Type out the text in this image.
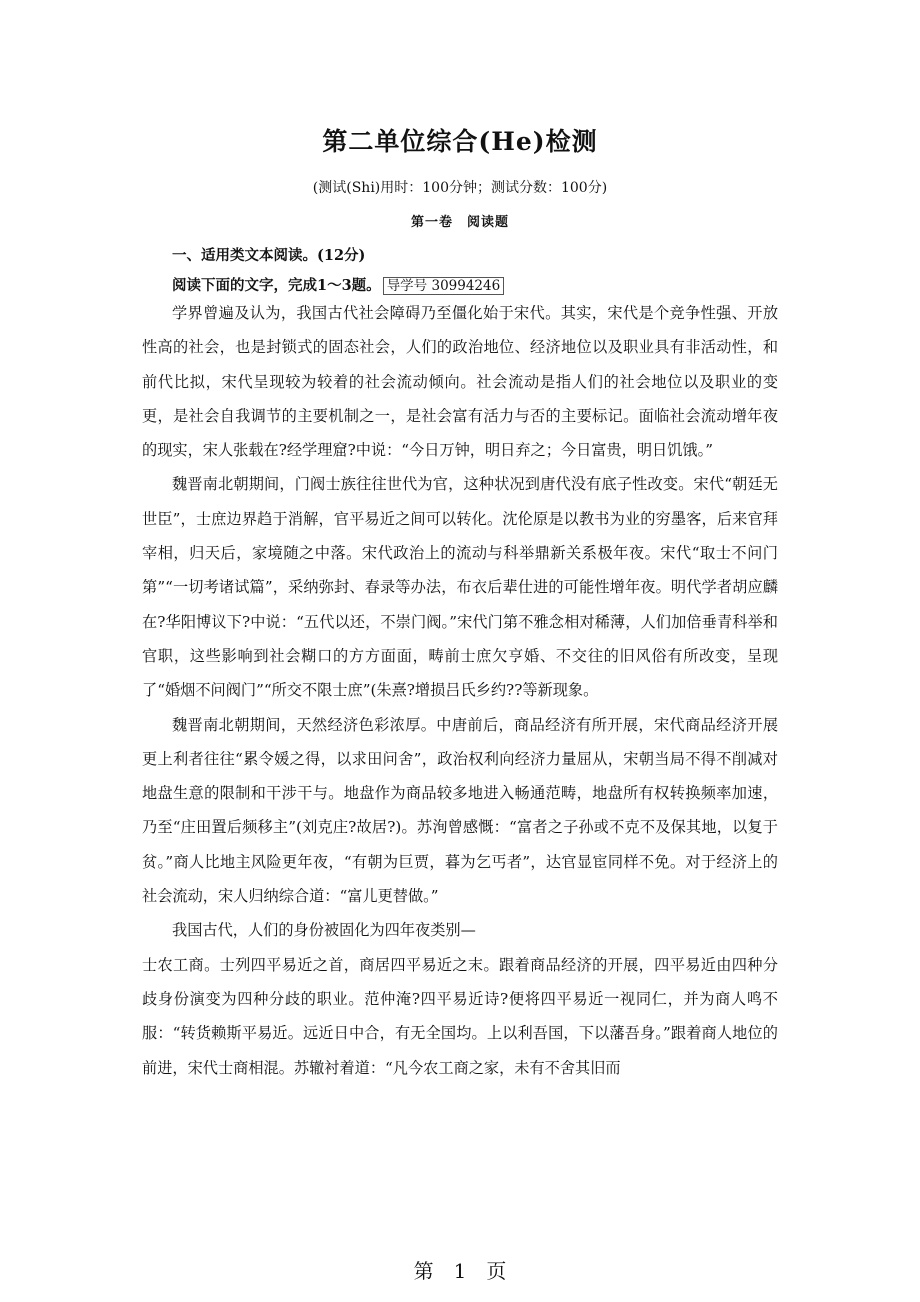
第二单位综合(He)检测
(测试(Shi)用时：100分钟；测试分数：100分)
第一卷　阅读题
一、适用类文本阅读。(12分)
阅读下面的文字，完成1～3题。 导学号 30994246

学界曾遍及认为，我国古代社会障碍乃至僵化始于宋代。其实，宋代是个竞争性强、开放性高的社会，也是封锁式的固态社会，人们的政治地位、经济地位以及职业具有非活动性，和前代比拟，宋代呈现较为较着的社会流动倾向。社会流动是指人们的社会地位以及职业的变更，是社会自我调节的主要机制之一，是社会富有活力与否的主要标记。面临社会流动增年夜的现实，宋人张载在?经学理窟?中说：“今日万钟，明日弃之；今日富贵，明日饥饿。”

魏晋南北朝期间，门阀士族往往世代为官，这种状况到唐代没有底子性改变。宋代“朝廷无世臣”，士庶边界趋于消解，官平易近之间可以转化。沈伦原是以教书为业的穷墨客，后来官拜宰相，归天后，家境随之中落。宋代政治上的流动与科举鼎新关系极年夜。宋代“取士不问门第”“一切考诸试篇”，采纳弥封、春录等办法，布衣后辈仕进的可能性增年夜。明代学者胡应麟在?华阳博议下?中说：“五代以还，不崇门阀。”宋代门第不雅念相对稀薄，人们加倍垂青科举和官职，这些影响到社会糊口的方方面面，畴前士庶欠亨婚、不交往的旧风俗有所改变，呈现了“婚烟不问阀门”“所交不限士庶”(朱熹?增损吕氏乡约??等新现象。

魏晋南北朝期间，天然经济色彩浓厚。中唐前后，商品经济有所开展，宋代商品经济开展更上利者往往“累令媛之得，以求田问舍”，政治权利向经济力量屈从，宋朝当局不得不削减对地盘生意的限制和干涉干与。地盘作为商品较多地进入畅通范畴，地盘所有权转换频率加速，乃至“庄田置后频移主”(刘克庄?故居?)。苏洵曾感慨：“富者之子孙或不克不及保其地，以复于贫。”商人比地主风险更年夜，“有朝为巨贾，暮为乞丐者”，达官显宦同样不免。对于经济上的社会流动，宋人归纳综合道：“富儿更替做。”

我国古代，人们的身份被固化为四年夜类别—

士农工商。士列四平易近之首，商居四平易近之末。跟着商品经济的开展，四平易近由四种分歧身份演变为四种分歧的职业。范仲淹?四平易近诗?便将四平易近一视同仁，并为商人鸣不服：“转货赖斯平易近。远近日中合，有无全国均。上以利吾国，下以藩吾身。”跟着商人地位的前进，宋代士商相混。苏辙衬着道：“凡今农工商之家，未有不舍其旧而

第　1　页
